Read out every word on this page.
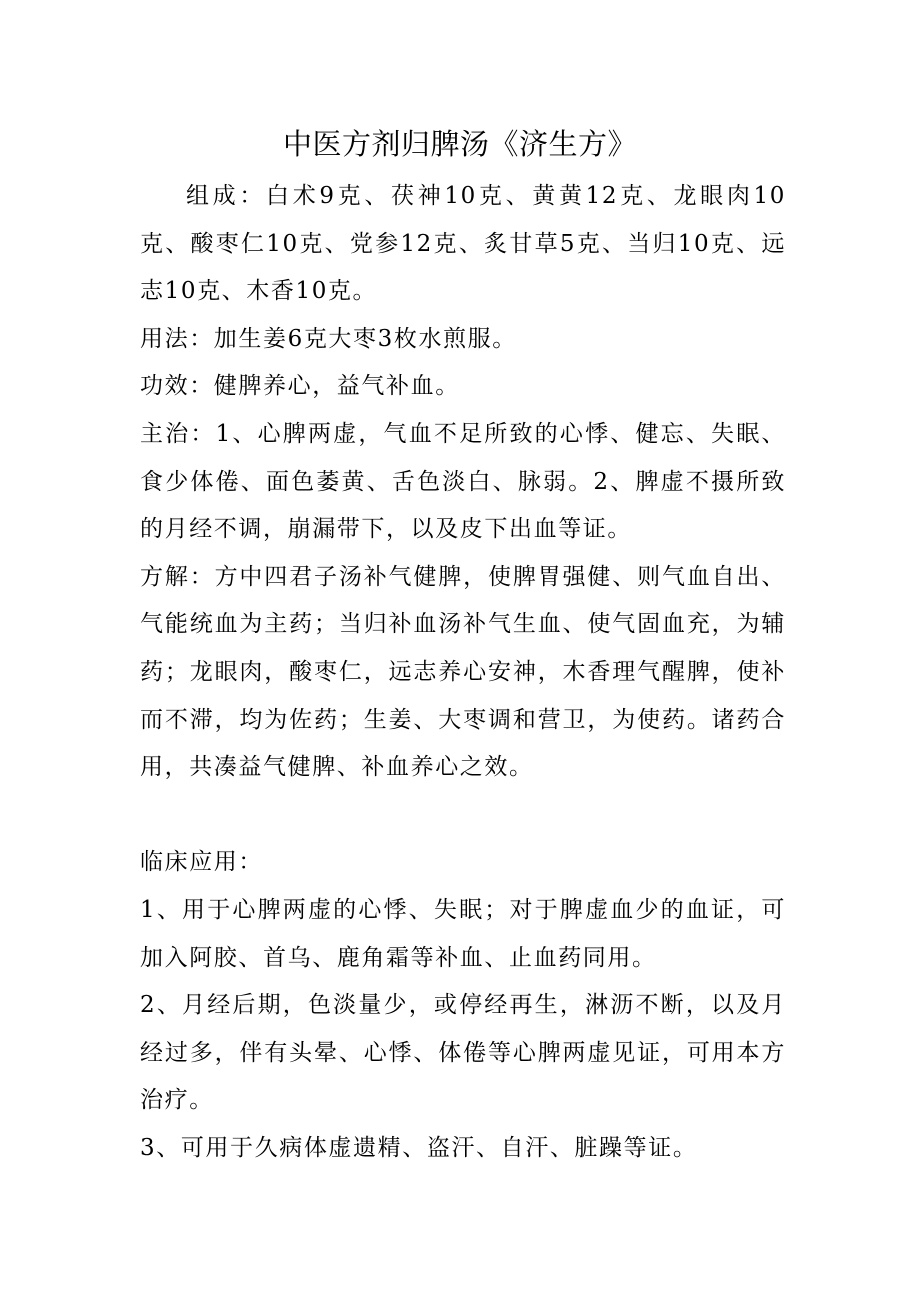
中医方剂归脾汤《济生方》

组成：白术9克、茯神10克、黄黄12克、龙眼肉10克、酸枣仁10克、党参12克、炙甘草5克、当归10克、远志10克、木香10克。

用法：加生姜6克大枣3枚水煎服。

功效：健脾养心，益气补血。

主治：1、心脾两虚，气血不足所致的心悸、健忘、失眠、食少体倦、面色萎黄、舌色淡白、脉弱。2、脾虚不摄所致的月经不调，崩漏带下，以及皮下出血等证。

方解：方中四君子汤补气健脾，使脾胃强健、则气血自出、气能统血为主药；当归补血汤补气生血、使气固血充，为辅药；龙眼肉，酸枣仁，远志养心安神，木香理气醒脾，使补而不滞，均为佐药；生姜、大枣调和营卫，为使药。诸药合用，共凑益气健脾、补血养心之效。

临床应用：

1、用于心脾两虚的心悸、失眠；对于脾虚血少的血证，可加入阿胶、首乌、鹿角霜等补血、止血药同用。

2、月经后期，色淡量少，或停经再生，淋沥不断，以及月经过多，伴有头晕、心悸、体倦等心脾两虚见证，可用本方治疗。

3、可用于久病体虚遗精、盗汗、自汗、脏躁等证。
